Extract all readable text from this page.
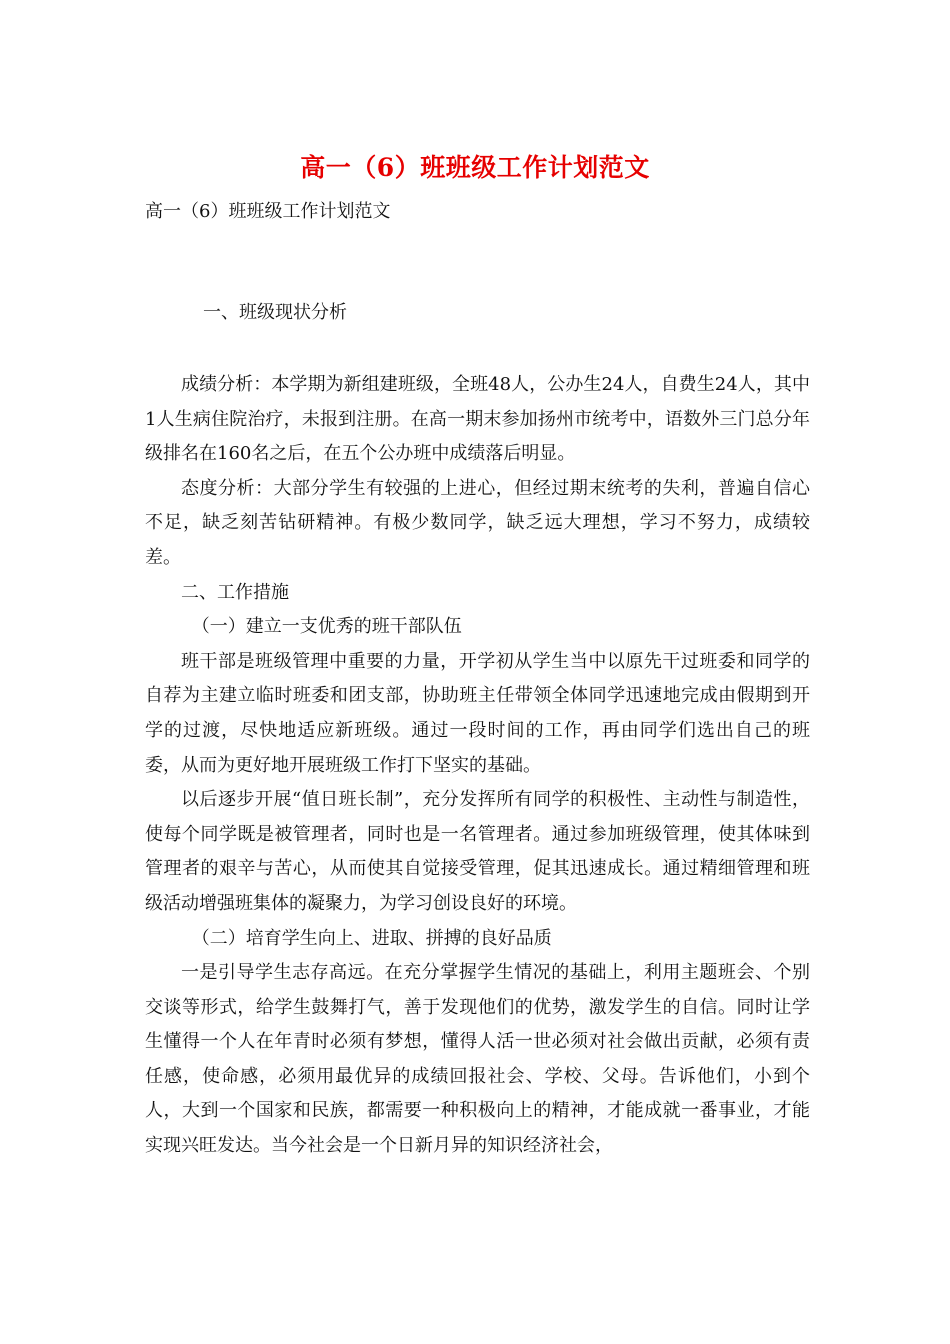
高一（6）班班级工作计划范文
高一（6）班班级工作计划范文
一、班级现状分析

成绩分析：本学期为新组建班级，全班48人，公办生24人，自费生24人，其中1人生病住院治疗，未报到注册。在高一期末参加扬州市统考中，语数外三门总分年级排名在160名之后，在五个公办班中成绩落后明显。

态度分析：大部分学生有较强的上进心，但经过期末统考的失利，普遍自信心不足，缺乏刻苦钻研精神。有极少数同学，缺乏远大理想，学习不努力，成绩较差。

二、工作措施

（一）建立一支优秀的班干部队伍

班干部是班级管理中重要的力量，开学初从学生当中以原先干过班委和同学的自荐为主建立临时班委和团支部，协助班主任带领全体同学迅速地完成由假期到开学的过渡，尽快地适应新班级。通过一段时间的工作，再由同学们选出自己的班委，从而为更好地开展班级工作打下坚实的基础。

以后逐步开展“值日班长制”，充分发挥所有同学的积极性、主动性与制造性，使每个同学既是被管理者，同时也是一名管理者。通过参加班级管理，使其体味到管理者的艰辛与苦心，从而使其自觉接受管理，促其迅速成长。通过精细管理和班级活动增强班集体的凝聚力，为学习创设良好的环境。

（二）培育学生向上、进取、拼搏的良好品质

一是引导学生志存高远。在充分掌握学生情况的基础上，利用主题班会、个别交谈等形式，给学生鼓舞打气，善于发现他们的优势，激发学生的自信。同时让学生懂得一个人在年青时必须有梦想，懂得人活一世必须对社会做出贡献，必须有责任感，使命感，必须用最优异的成绩回报社会、学校、父母。告诉他们，小到个人，大到一个国家和民族，都需要一种积极向上的精神，才能成就一番事业，才能实现兴旺发达。当今社会是一个日新月异的知识经济社会，
